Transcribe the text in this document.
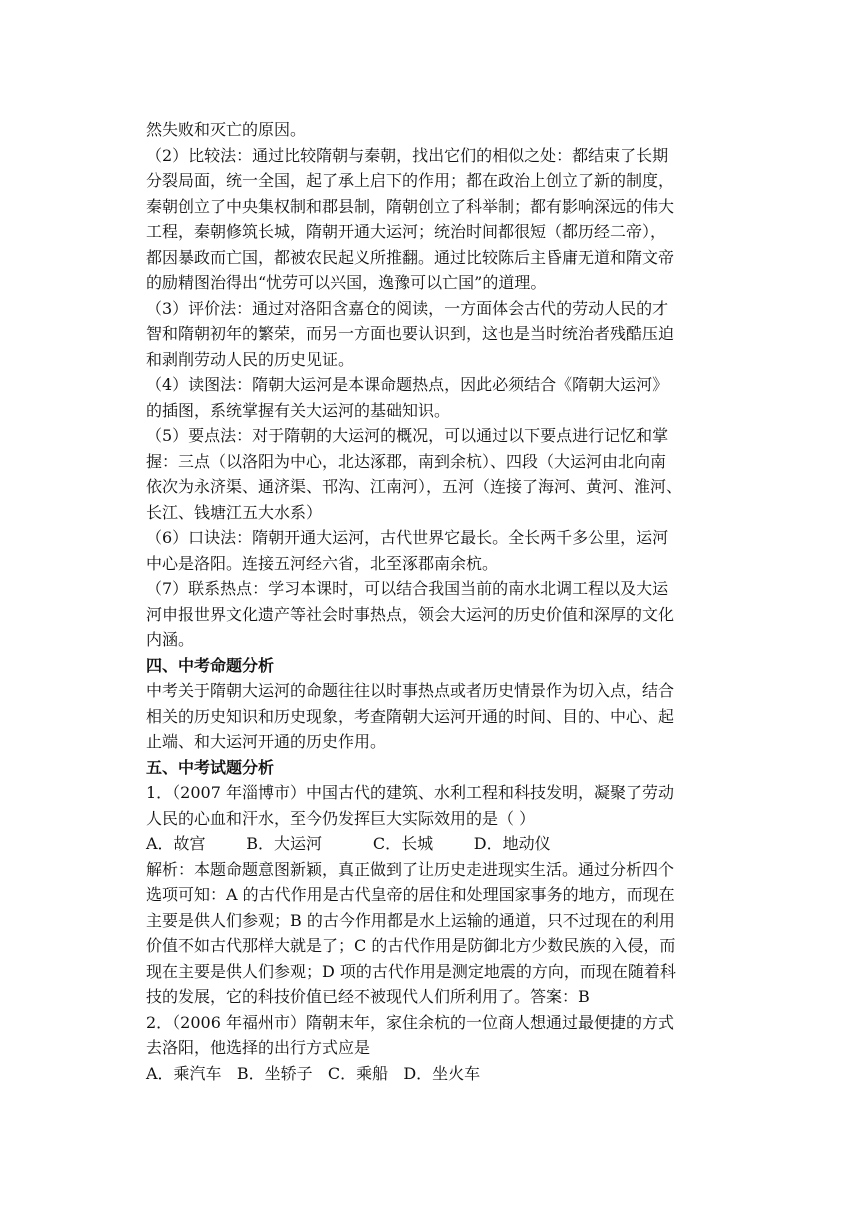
然失败和灭亡的原因。
（2）比较法：通过比较隋朝与秦朝，找出它们的相似之处：都结束了长期
分裂局面，统一全国，起了承上启下的作用；都在政治上创立了新的制度，
秦朝创立了中央集权制和郡县制，隋朝创立了科举制；都有影响深远的伟大
工程，秦朝修筑长城，隋朝开通大运河；统治时间都很短（都历经二帝），
都因暴政而亡国，都被农民起义所推翻。通过比较陈后主昏庸无道和隋文帝
的励精图治得出“忧劳可以兴国，逸豫可以亡国”的道理。
（3）评价法：通过对洛阳含嘉仓的阅读，一方面体会古代的劳动人民的才
智和隋朝初年的繁荣，而另一方面也要认识到，这也是当时统治者残酷压迫
和剥削劳动人民的历史见证。
（4）读图法：隋朝大运河是本课命题热点，因此必须结合《隋朝大运河》
的插图，系统掌握有关大运河的基础知识。
（5）要点法：对于隋朝的大运河的概况，可以通过以下要点进行记忆和掌
握：三点（以洛阳为中心，北达涿郡，南到余杭）、四段（大运河由北向南
依次为永济渠、通济渠、邗沟、江南河），五河（连接了海河、黄河、淮河、
长江、钱塘江五大水系）
（6）口诀法：隋朝开通大运河，古代世界它最长。全长两千多公里，运河
中心是洛阳。连接五河经六省，北至涿郡南余杭。
（7）联系热点：学习本课时，可以结合我国当前的南水北调工程以及大运
河申报世界文化遗产等社会时事热点，领会大运河的历史价值和深厚的文化
内涵。
四、中考命题分析
中考关于隋朝大运河的命题往往以时事热点或者历史情景作为切入点，结合
相关的历史知识和历史现象，考查隋朝大运河开通的时间、目的、中心、起
止端、和大运河开通的历史作用。
五、中考试题分析
1．（2007 年淄博市）中国古代的建筑、水利工程和科技发明，凝聚了劳动
人民的心血和汗水，至今仍发挥巨大实际效用的是（ ）
A．故宫        B．大运河          C．长城        D．地动仪
解析：本题命题意图新颖，真正做到了让历史走进现实生活。通过分析四个
选项可知：A 的古代作用是古代皇帝的居住和处理国家事务的地方，而现在
主要是供人们参观；B 的古今作用都是水上运输的通道，只不过现在的利用
价值不如古代那样大就是了；C 的古代作用是防御北方少数民族的入侵，而
现在主要是供人们参观；D 项的古代作用是测定地震的方向，而现在随着科
技的发展，它的科技价值已经不被现代人们所利用了。答案：B
2．（2006 年福州市）隋朝末年，家住余杭的一位商人想通过最便捷的方式
去洛阳，他选择的出行方式应是
A．乘汽车   B．坐轿子   C．乘船   D．坐火车
